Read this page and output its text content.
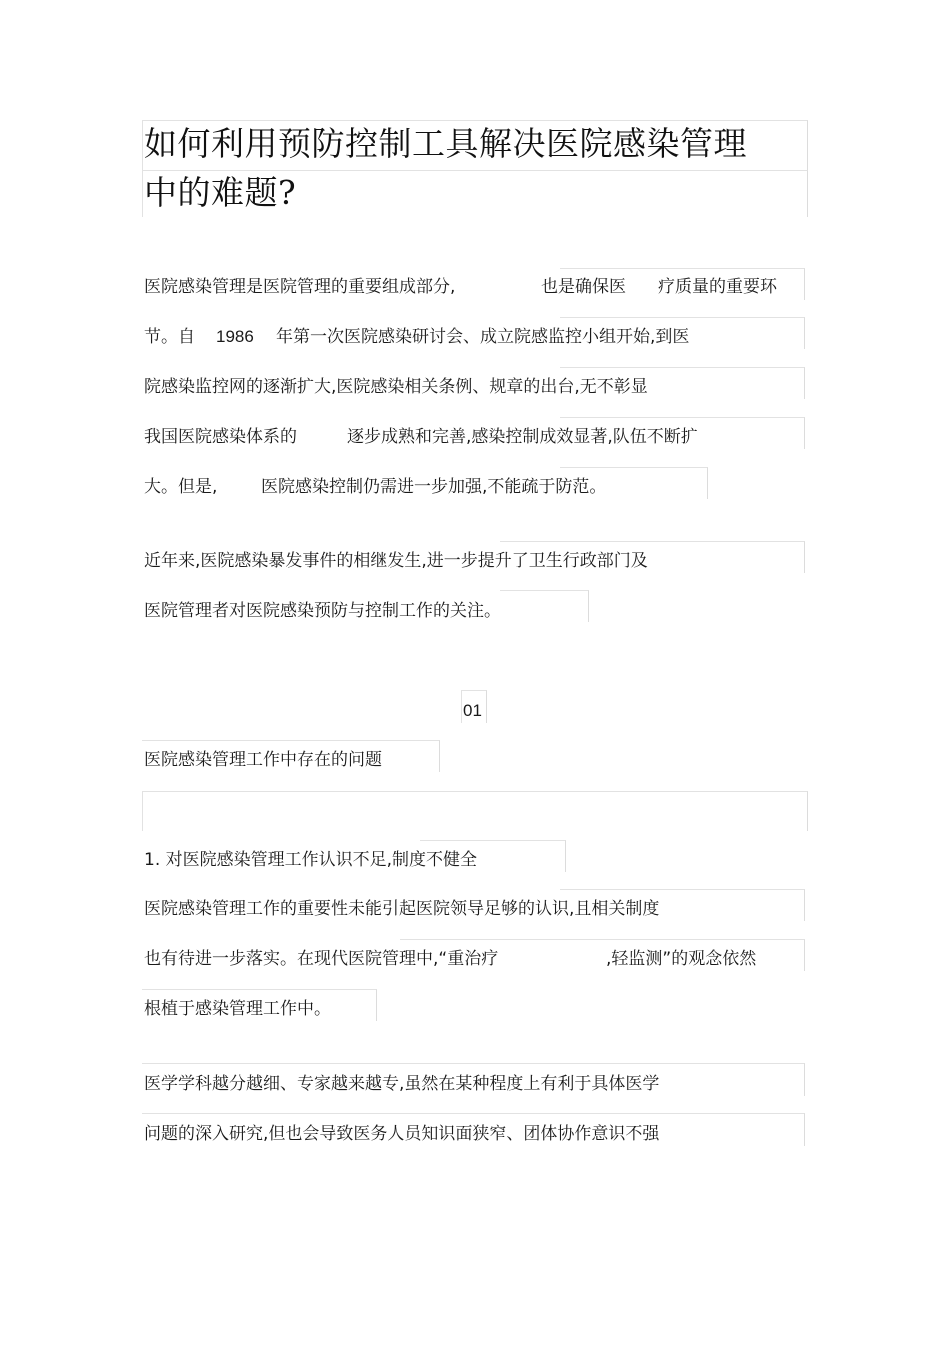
如何利用预防控制工具解决医院感染管理
中的难题?
医院感染管理是医院管理的重要组成部分,	也是确保医 疗质量的重要环
节。自 1986 年第一次医院感染研讨会、成立院感监控小组开始,到医
院感染监控网的逐渐扩大,医院感染相关条例、规章的出台,无不彰显
我国医院感染体系的	逐步成熟和完善,感染控制成效显著,队伍不断扩
大。但是,	医院感染控制仍需进一步加强,不能疏于防范。
近年来,医院感染暴发事件的相继发生,进一步提升了卫生行政部门及
医院管理者对医院感染预防与控制工作的关注。
01
医院感染管理工作中存在的问题
1. 对医院感染管理工作认识不足,制度不健全
医院感染管理工作的重要性未能引起医院领导足够的认识,且相关制度
也有待进一步落实。在现代医院管理中,“重治疗	,轻监测”的观念依然
根植于感染管理工作中。
医学学科越分越细、专家越来越专,虽然在某种程度上有利于具体医学
问题的深入研究,但也会导致医务人员知识面狭窄、团体协作意识不强
